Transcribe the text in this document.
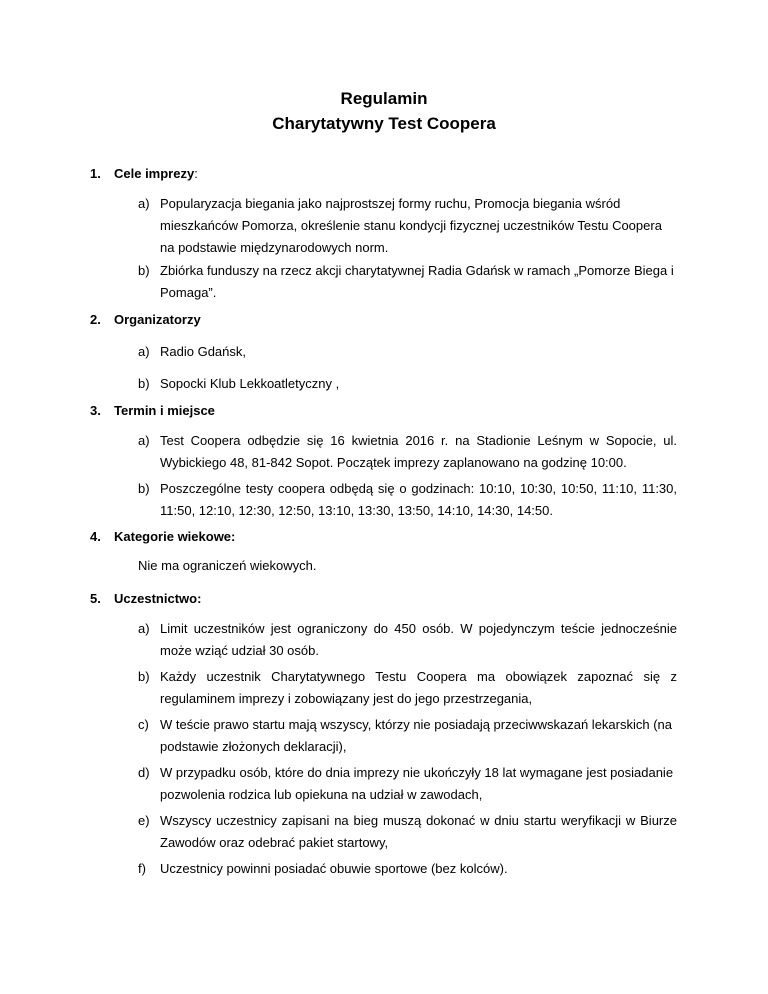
Regulamin
Charytatywny Test Coopera
1. Cele imprezy:
a) Popularyzacja biegania jako najprostszej formy ruchu, Promocja biegania wśród mieszkańców Pomorza, określenie stanu kondycji fizycznej uczestników Testu Coopera na podstawie międzynarodowych norm.
b) Zbiórka funduszy na rzecz akcji charytatywnej Radia Gdańsk w ramach „Pomorze Biega i Pomaga”.
2. Organizatorzy
a) Radio Gdańsk,
b) Sopocki Klub Lekkoatletyczny ,
3. Termin i miejsce
a) Test Coopera odbędzie się 16 kwietnia 2016 r. na Stadionie Leśnym w Sopocie, ul. Wybickiego 48, 81-842 Sopot. Początek imprezy zaplanowano na godzinę 10:00.
b) Poszczególne testy coopera odbędą się o godzinach: 10:10, 10:30, 10:50, 11:10, 11:30, 11:50, 12:10, 12:30, 12:50, 13:10, 13:30, 13:50, 14:10, 14:30, 14:50.
4. Kategorie wiekowe:
Nie ma ograniczeń wiekowych.
5. Uczestnictwo:
a) Limit uczestników jest ograniczony do 450 osób. W pojedynczym teście jednocześnie może wziąć udział 30 osób.
b) Każdy uczestnik Charytatywnego Testu Coopera ma obowiązek zapoznać się z regulaminem imprezy i zobowiązany jest do jego przestrzegania,
c) W teście prawo startu mają wszyscy, którzy nie posiadają przeciwwskazań lekarskich (na podstawie złożonych deklaracji),
d) W przypadku osób, które do dnia imprezy nie ukończyły 18 lat wymagane jest posiadanie pozwolenia rodzica lub opiekuna na udział w zawodach,
e) Wszyscy uczestnicy zapisani na bieg muszą dokonać w dniu startu weryfikacji w Biurze Zawodów oraz odebrać pakiet startowy,
f) Uczestnicy powinni posiadać obuwie sportowe (bez kolców).
